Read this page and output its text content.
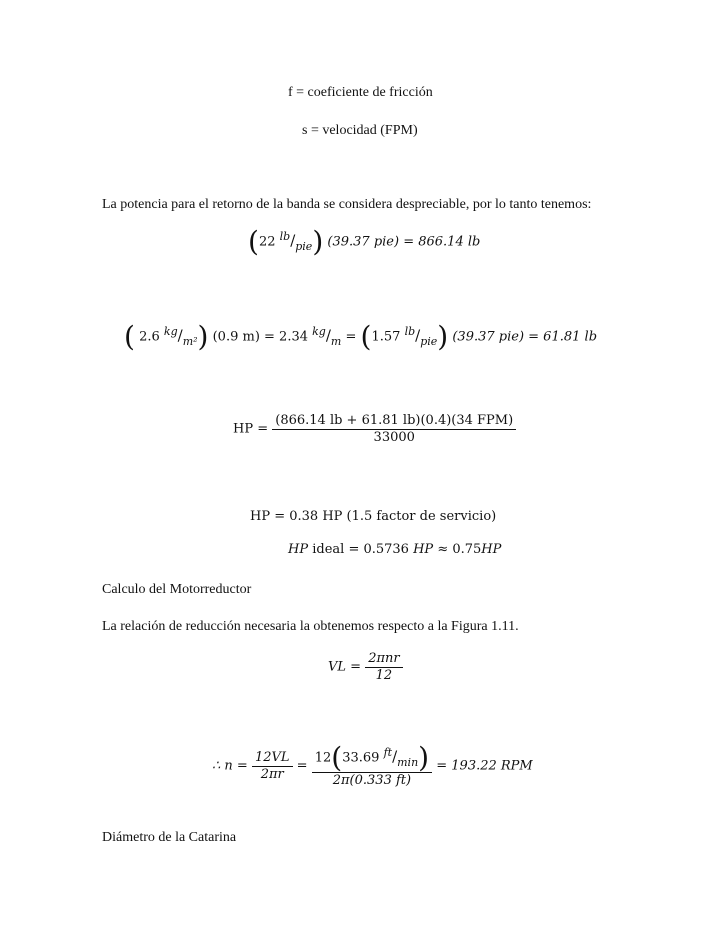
f = coeficiente de fricción
s = velocidad (FPM)
La potencia para el retorno de la banda se considera despreciable, por lo tanto tenemos:
(22 $^{lb}/_{pie}$) (39.37 pie) = 866.14 lb
( 2.6 $^{kg}/_{m^2}$) (0.9 m) = 2.34 $^{kg}/_m = (1.57$ $^{lb}/_{pie}$) (39.37 pie) = 61.81 lb
HP = $\frac{\text{(866.14 lb + 61.81 lb)(0.4)(34 FPM)}}{33000}$
HP = 0.38 HP (1.5 factor de servicio)
HP ideal = 0.5736 HP ≈ 0.75HP
Calculo del Motorreductor
La relación de reducción necesaria la obtenemos respecto a la Figura 1.11.
VL = $\frac{\text{2πnr}}{12}$
∴ $n = \frac{12VL}{2\pi r} = \frac{12(33.69 ^{ft}/_{min})}{2\pi(0.333 ft)} = 193.22$ RPM
Diámetro de la Catarina
